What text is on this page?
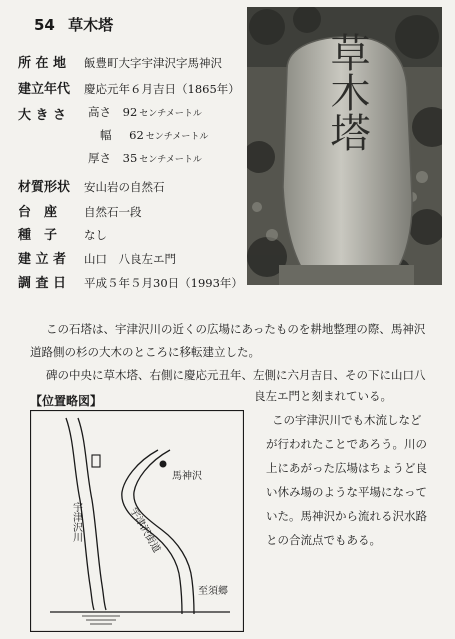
54 草木塔
所 在 地 飯豊町大字宇津沢字馬神沢
建立年代 慶応元年６月吉日（1865年）
大 き さ	高さ 92 センチメートル
幅 62 センチメートル
厚さ 35 センチメートル
材質形状 安山岩の自然石
台　座 自然石一段
種　子 なし
建 立 者 山口　八良左エ門
調 査 日 平成５年５月30日（1993年）
草木塔
この石塔は、宇津沢川の近くの広場にあったものを耕地整理の際、馬神沢
道路側の杉の大木のところに移転建立した。
碑の中央に草木塔、右側に慶応元丑年、左側に六月吉日、その下に山口八
良左エ門と刻まれている。
【位置略図】
宇津沢川	宇津沢街道
馬神沢
至須郷
この宇津沢川でも木流しなど
が行われたことであろう。川の
上にあがった広場はちょうど良
い休み場のような平場になって
いた。馬神沢から流れる沢水路
との合流点でもある。
